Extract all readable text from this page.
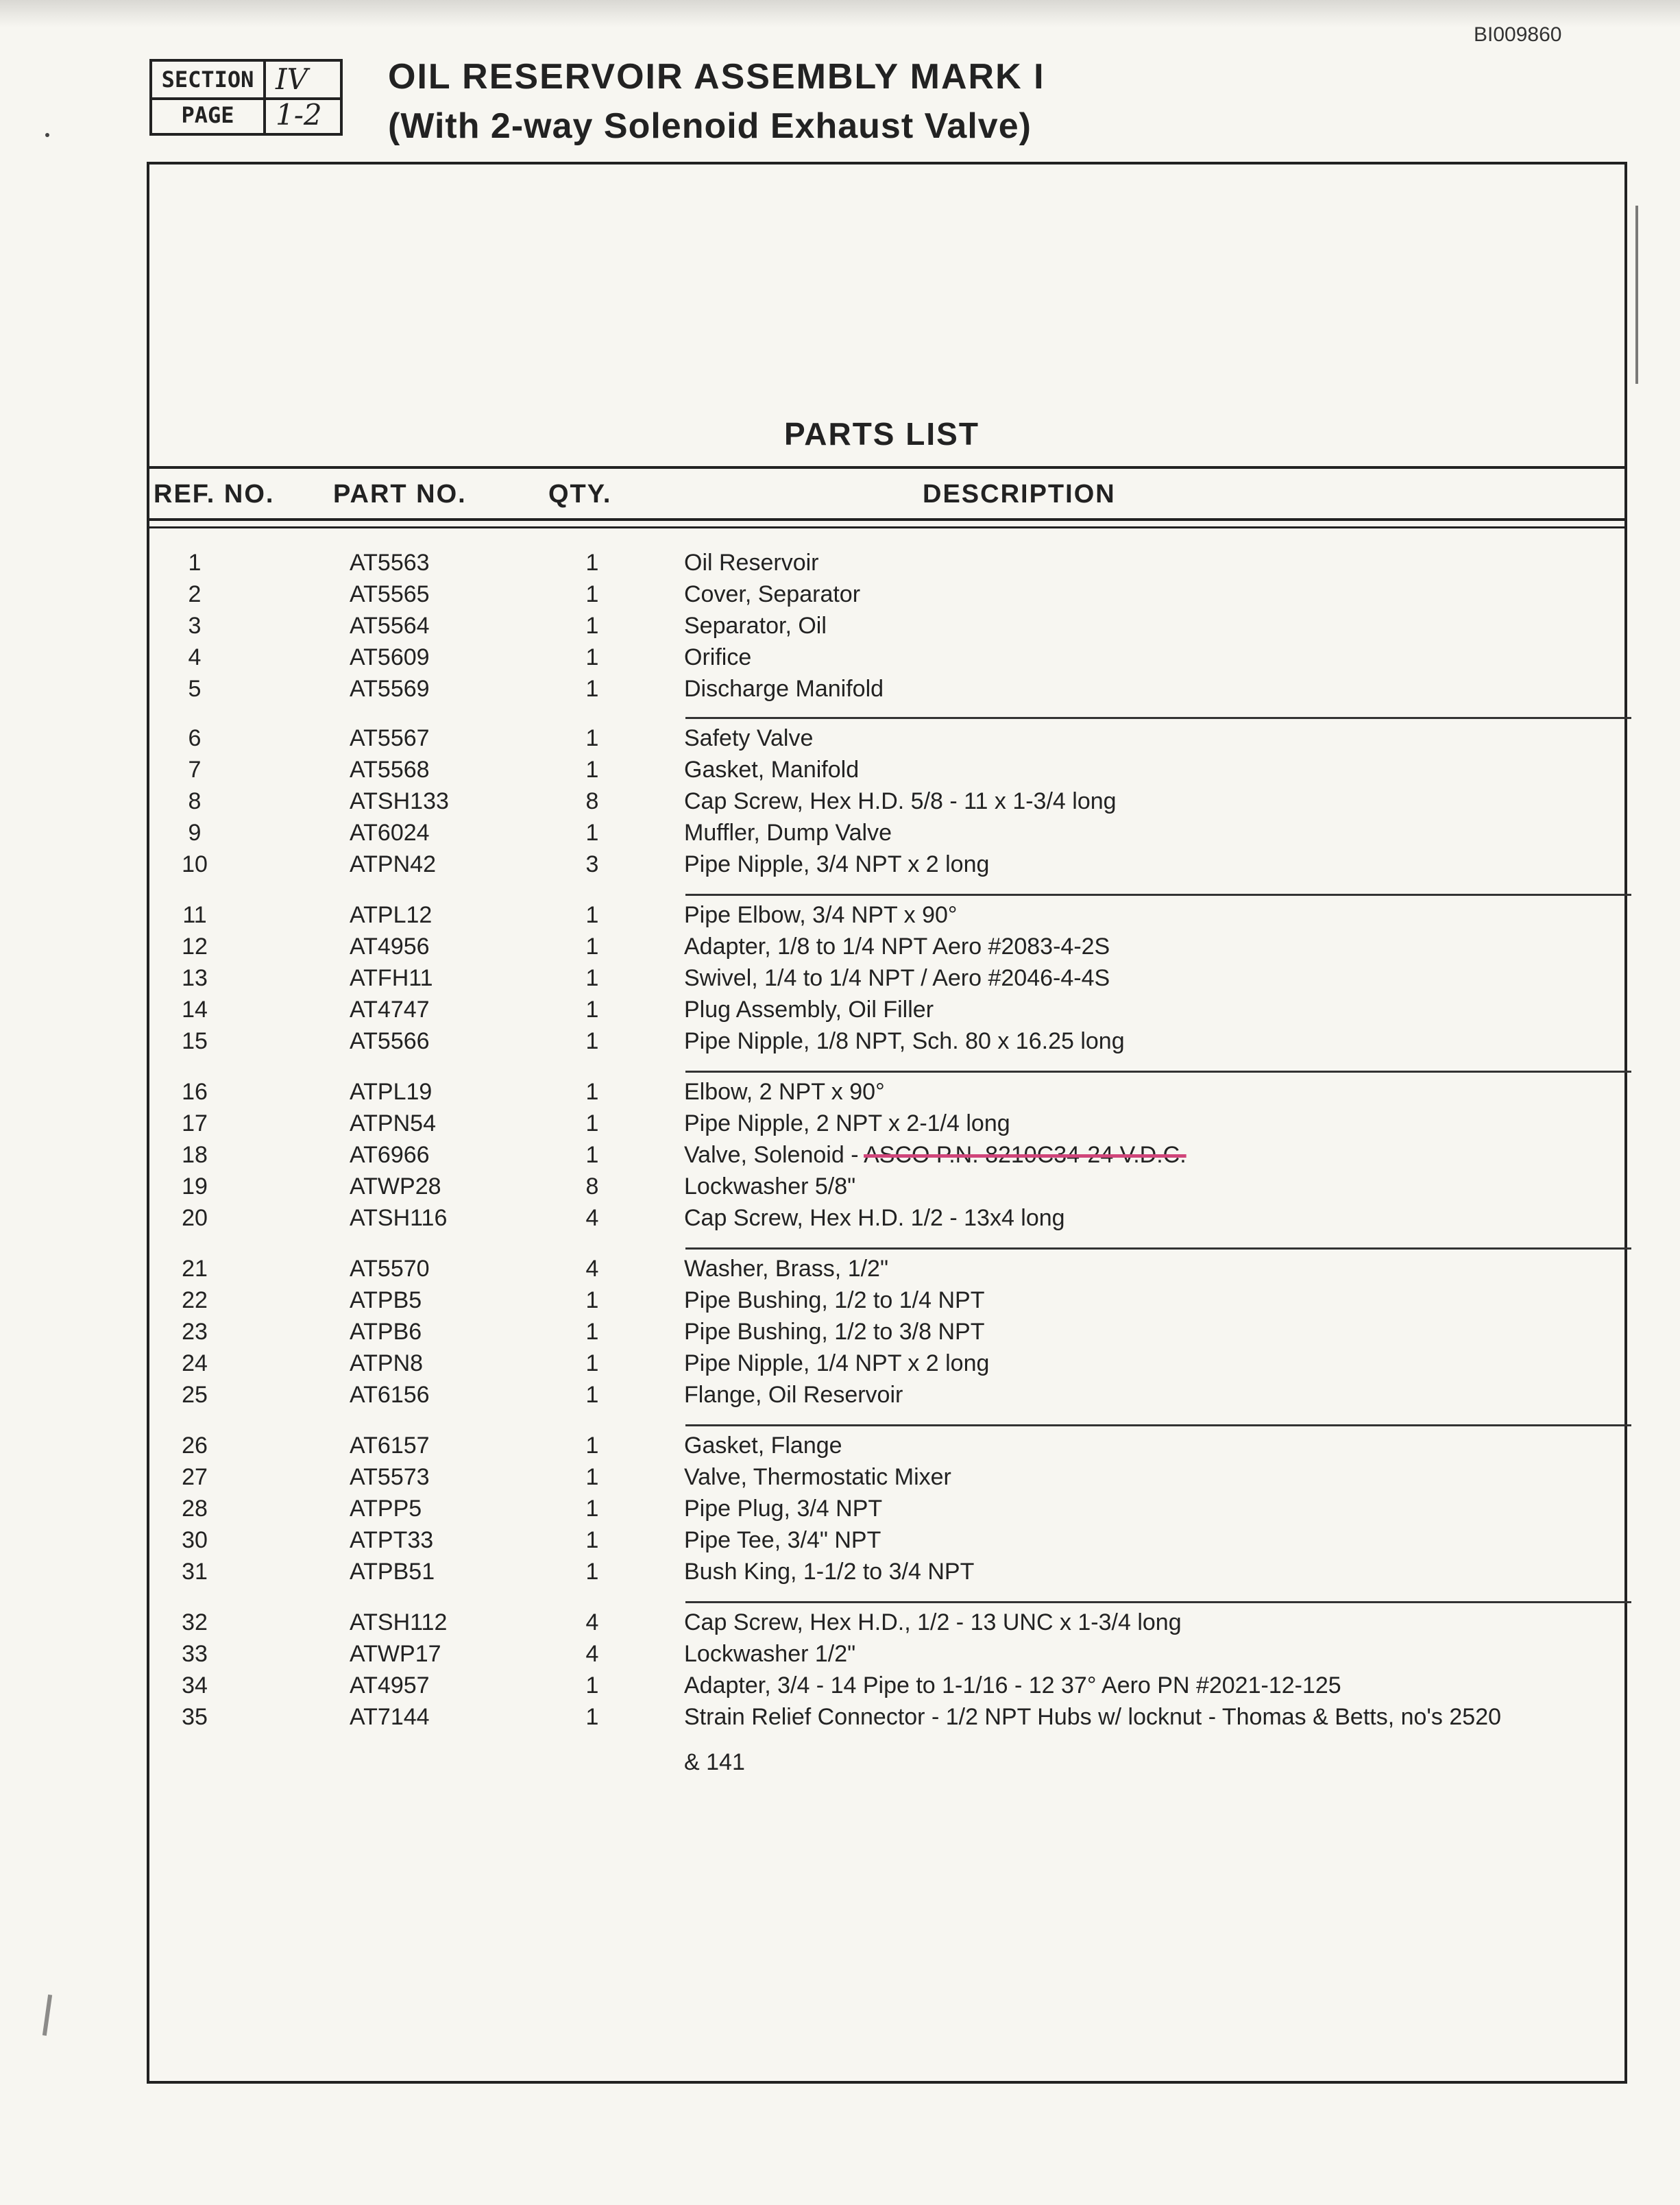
BI009860
SECTION IV
PAGE	1-2
OIL RESERVOIR ASSEMBLY MARK I
(With 2-way Solenoid Exhaust Valve)
PARTS LIST
REF. NO. PART NO.	QTY.	DESCRIPTION
1	AT5563	1	Oil Reservoir
2	AT5565	1	Cover, Separator
3	AT5564	1	Separator, Oil
4	AT5609	1	Orifice
5	AT5569	1	Discharge Manifold
6	AT5567	1	Safety Valve
7	AT5568	1	Gasket, Manifold
8	ATSH133	8	Cap Screw, Hex H.D. 5/8 - 11 x 1-3/4 long
9	AT6024	1	Muffler, Dump Valve
10	ATPN42	3	Pipe Nipple, 3/4 NPT x 2 long
11	ATPL12	1	Pipe Elbow, 3/4 NPT x 90°
12	AT4956	1	Adapter, 1/8 to 1/4 NPT Aero #2083-4-2S
13	ATFH11	1	Swivel, 1/4 to 1/4 NPT / Aero #2046-4-4S
14	AT4747	1	Plug Assembly, Oil Filler
15	AT5566	1	Pipe Nipple, 1/8 NPT, Sch. 80 x 16.25 long
16	ATPL19	1	Elbow, 2 NPT x 90°
17	ATPN54	1	Pipe Nipple, 2 NPT x 2-1/4 long
18	AT6966	1	Valve, Solenoid - ASCO P.N. 8210C34-24 V.D.C.
19	ATWP28	8	Lockwasher 5/8"
20	ATSH116	4	Cap Screw, Hex H.D. 1/2 - 13x4 long
21	AT5570	4	Washer, Brass, 1/2"
22	ATPB5	1	Pipe Bushing, 1/2 to 1/4 NPT
23	ATPB6	1	Pipe Bushing, 1/2 to 3/8 NPT
24	ATPN8	1	Pipe Nipple, 1/4 NPT x 2 long
25	AT6156	1	Flange, Oil Reservoir
26	AT6157	1	Gasket, Flange
27	AT5573	1	Valve, Thermostatic Mixer
28	ATPP5	1	Pipe Plug, 3/4 NPT
30	ATPT33	1	Pipe Tee, 3/4" NPT
31	ATPB51	1	Bush King, 1-1/2 to 3/4 NPT
32	ATSH112	4	Cap Screw, Hex H.D., 1/2 - 13 UNC x 1-3/4 long
33	ATWP17	4	Lockwasher 1/2"
34	AT4957	1	Adapter, 3/4 - 14 Pipe to 1-1/16 - 12 37° Aero PN #2021-12-125
35	AT7144	1	Strain Relief Connector - 1/2 NPT Hubs w/ locknut - Thomas & Betts, no's 2520
& 141
